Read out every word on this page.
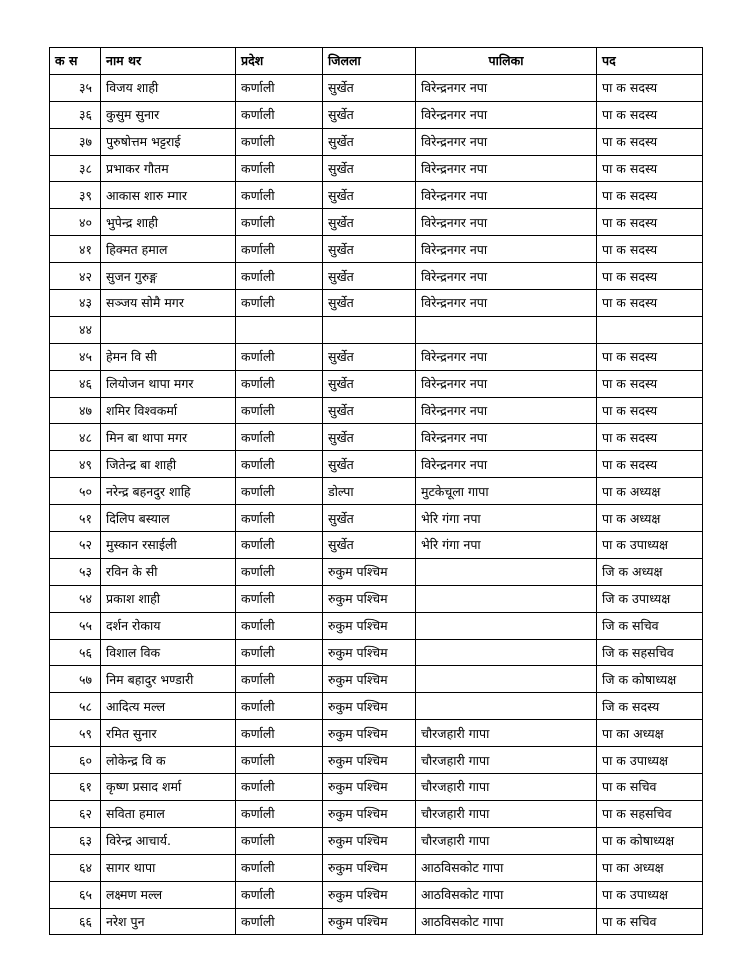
क स	नाम थर	प्रदेश	जिलला	पालिका	पद
३५	विजय शाही	कर्णाली	सुर्खेत	विरेन्द्रनगर नपा	पा क सदस्य
३६	कुसुम सुनार	कर्णाली	सुर्खेत	विरेन्द्रनगर नपा	पा क सदस्य
३७	पुरुषोत्तम भट्टराई	कर्णाली	सुर्खेत	विरेन्द्रनगर नपा	पा क सदस्य
३८	प्रभाकर गौतम	कर्णाली	सुर्खेत	विरेन्द्रनगर नपा	पा क सदस्य
३९	आकास शारु म्गार	कर्णाली	सुर्खेत	विरेन्द्रनगर नपा	पा क सदस्य
४०	भुपेन्द्र शाही	कर्णाली	सुर्खेत	विरेन्द्रनगर नपा	पा क सदस्य
४१	हिक्मत हमाल	कर्णाली	सुर्खेत	विरेन्द्रनगर नपा	पा क सदस्य
४२	सुजन गुरुङ्ग	कर्णाली	सुर्खेत	विरेन्द्रनगर नपा	पा क सदस्य
४३	सञ्जय सोमै मगर	कर्णाली	सुर्खेत	विरेन्द्रनगर नपा	पा क सदस्य
४४					
४५	हेमन वि सी	कर्णाली	सुर्खेत	विरेन्द्रनगर नपा	पा क सदस्य
४६	लियोजन थापा मगर	कर्णाली	सुर्खेत	विरेन्द्रनगर नपा	पा क सदस्य
४७	शमिर विश्वकर्मा	कर्णाली	सुर्खेत	विरेन्द्रनगर नपा	पा क सदस्य
४८	मिन बा थापा मगर	कर्णाली	सुर्खेत	विरेन्द्रनगर नपा	पा क सदस्य
४९	जितेन्द्र बा शाही	कर्णाली	सुर्खेत	विरेन्द्रनगर नपा	पा क सदस्य
५०	नरेन्द्र बहनदुर शाहि	कर्णाली	डोल्पा	मुटकेचूला गापा	पा क अध्यक्ष
५१	दिलिप बस्याल	कर्णाली	सुर्खेत	भेरि गंगा नपा	पा क अध्यक्ष
५२	मुस्कान रसाईली	कर्णाली	सुर्खेत	भेरि गंगा नपा	पा क उपाध्यक्ष
५३	रविन के सी	कर्णाली	रुकुम पश्चिम		जि क अध्यक्ष
५४	प्रकाश शाही	कर्णाली	रुकुम पश्चिम		जि क उपाध्यक्ष
५५	दर्शन रोकाय	कर्णाली	रुकुम पश्चिम		जि क सचिव
५६	विशाल विक	कर्णाली	रुकुम पश्चिम		जि क सहसचिव
५७	निम बहादुर भण्डारी	कर्णाली	रुकुम पश्चिम		जि क कोषाध्यक्ष
५८	आदित्य मल्ल	कर्णाली	रुकुम पश्चिम		जि क सदस्य
५९	रमित सुनार	कर्णाली	रुकुम पश्चिम	चौरजहारी गापा	पा का अध्यक्ष
६०	लोकेन्द्र वि क	कर्णाली	रुकुम पश्चिम	चौरजहारी गापा	पा क उपाध्यक्ष
६१	कृष्ण प्रसाद शर्मा	कर्णाली	रुकुम पश्चिम	चौरजहारी गापा	पा क सचिव
६२	सविता हमाल	कर्णाली	रुकुम पश्चिम	चौरजहारी गापा	पा क सहसचिव
६३	विरेन्द्र आचार्य.	कर्णाली	रुकुम पश्चिम	चौरजहारी गापा	पा क कोषाध्यक्ष
६४	सागर थापा	कर्णाली	रुकुम पश्चिम	आठविसकोट गापा	पा का अध्यक्ष
६५	लक्ष्मण मल्ल	कर्णाली	रुकुम पश्चिम	आठविसकोट गापा	पा क उपाध्यक्ष
६६	नरेश पुन	कर्णाली	रुकुम पश्चिम	आठविसकोट गापा	पा क सचिव
